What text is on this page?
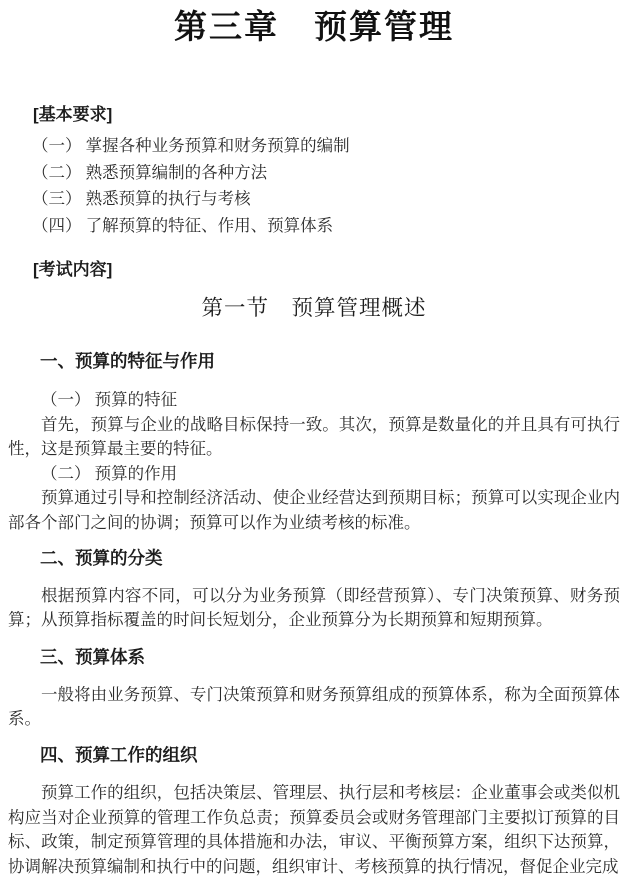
第三章　预算管理
[基本要求]
（一） 掌握各种业务预算和财务预算的编制
（二） 熟悉预算编制的各种方法
（三） 熟悉预算的执行与考核
（四） 了解预算的特征、作用、预算体系
[考试内容]
第一节　预算管理概述
一、预算的特征与作用

（一） 预算的特征

首先，预算与企业的战略目标保持一致。其次，预算是数量化的并且具有可执行性，这是预算最主要的特征。

（二） 预算的作用

预算通过引导和控制经济活动、使企业经营达到预期目标；预算可以实现企业内部各个部门之间的协调；预算可以作为业绩考核的标准。

二、预算的分类

根据预算内容不同，可以分为业务预算（即经营预算）、专门决策预算、财务预算；从预算指标覆盖的时间长短划分，企业预算分为长期预算和短期预算。

三、预算体系

一般将由业务预算、专门决策预算和财务预算组成的预算体系，称为全面预算体系。

四、预算工作的组织

预算工作的组织，包括决策层、管理层、执行层和考核层：企业董事会或类似机构应当对企业预算的管理工作负总责；预算委员会或财务管理部门主要拟订预算的目标、政策，制定预算管理的具体措施和办法，审议、平衡预算方案，组织下达预算，协调解决预算编制和执行中的问题，组织审计、考核预算的执行情况，督促企业完成
